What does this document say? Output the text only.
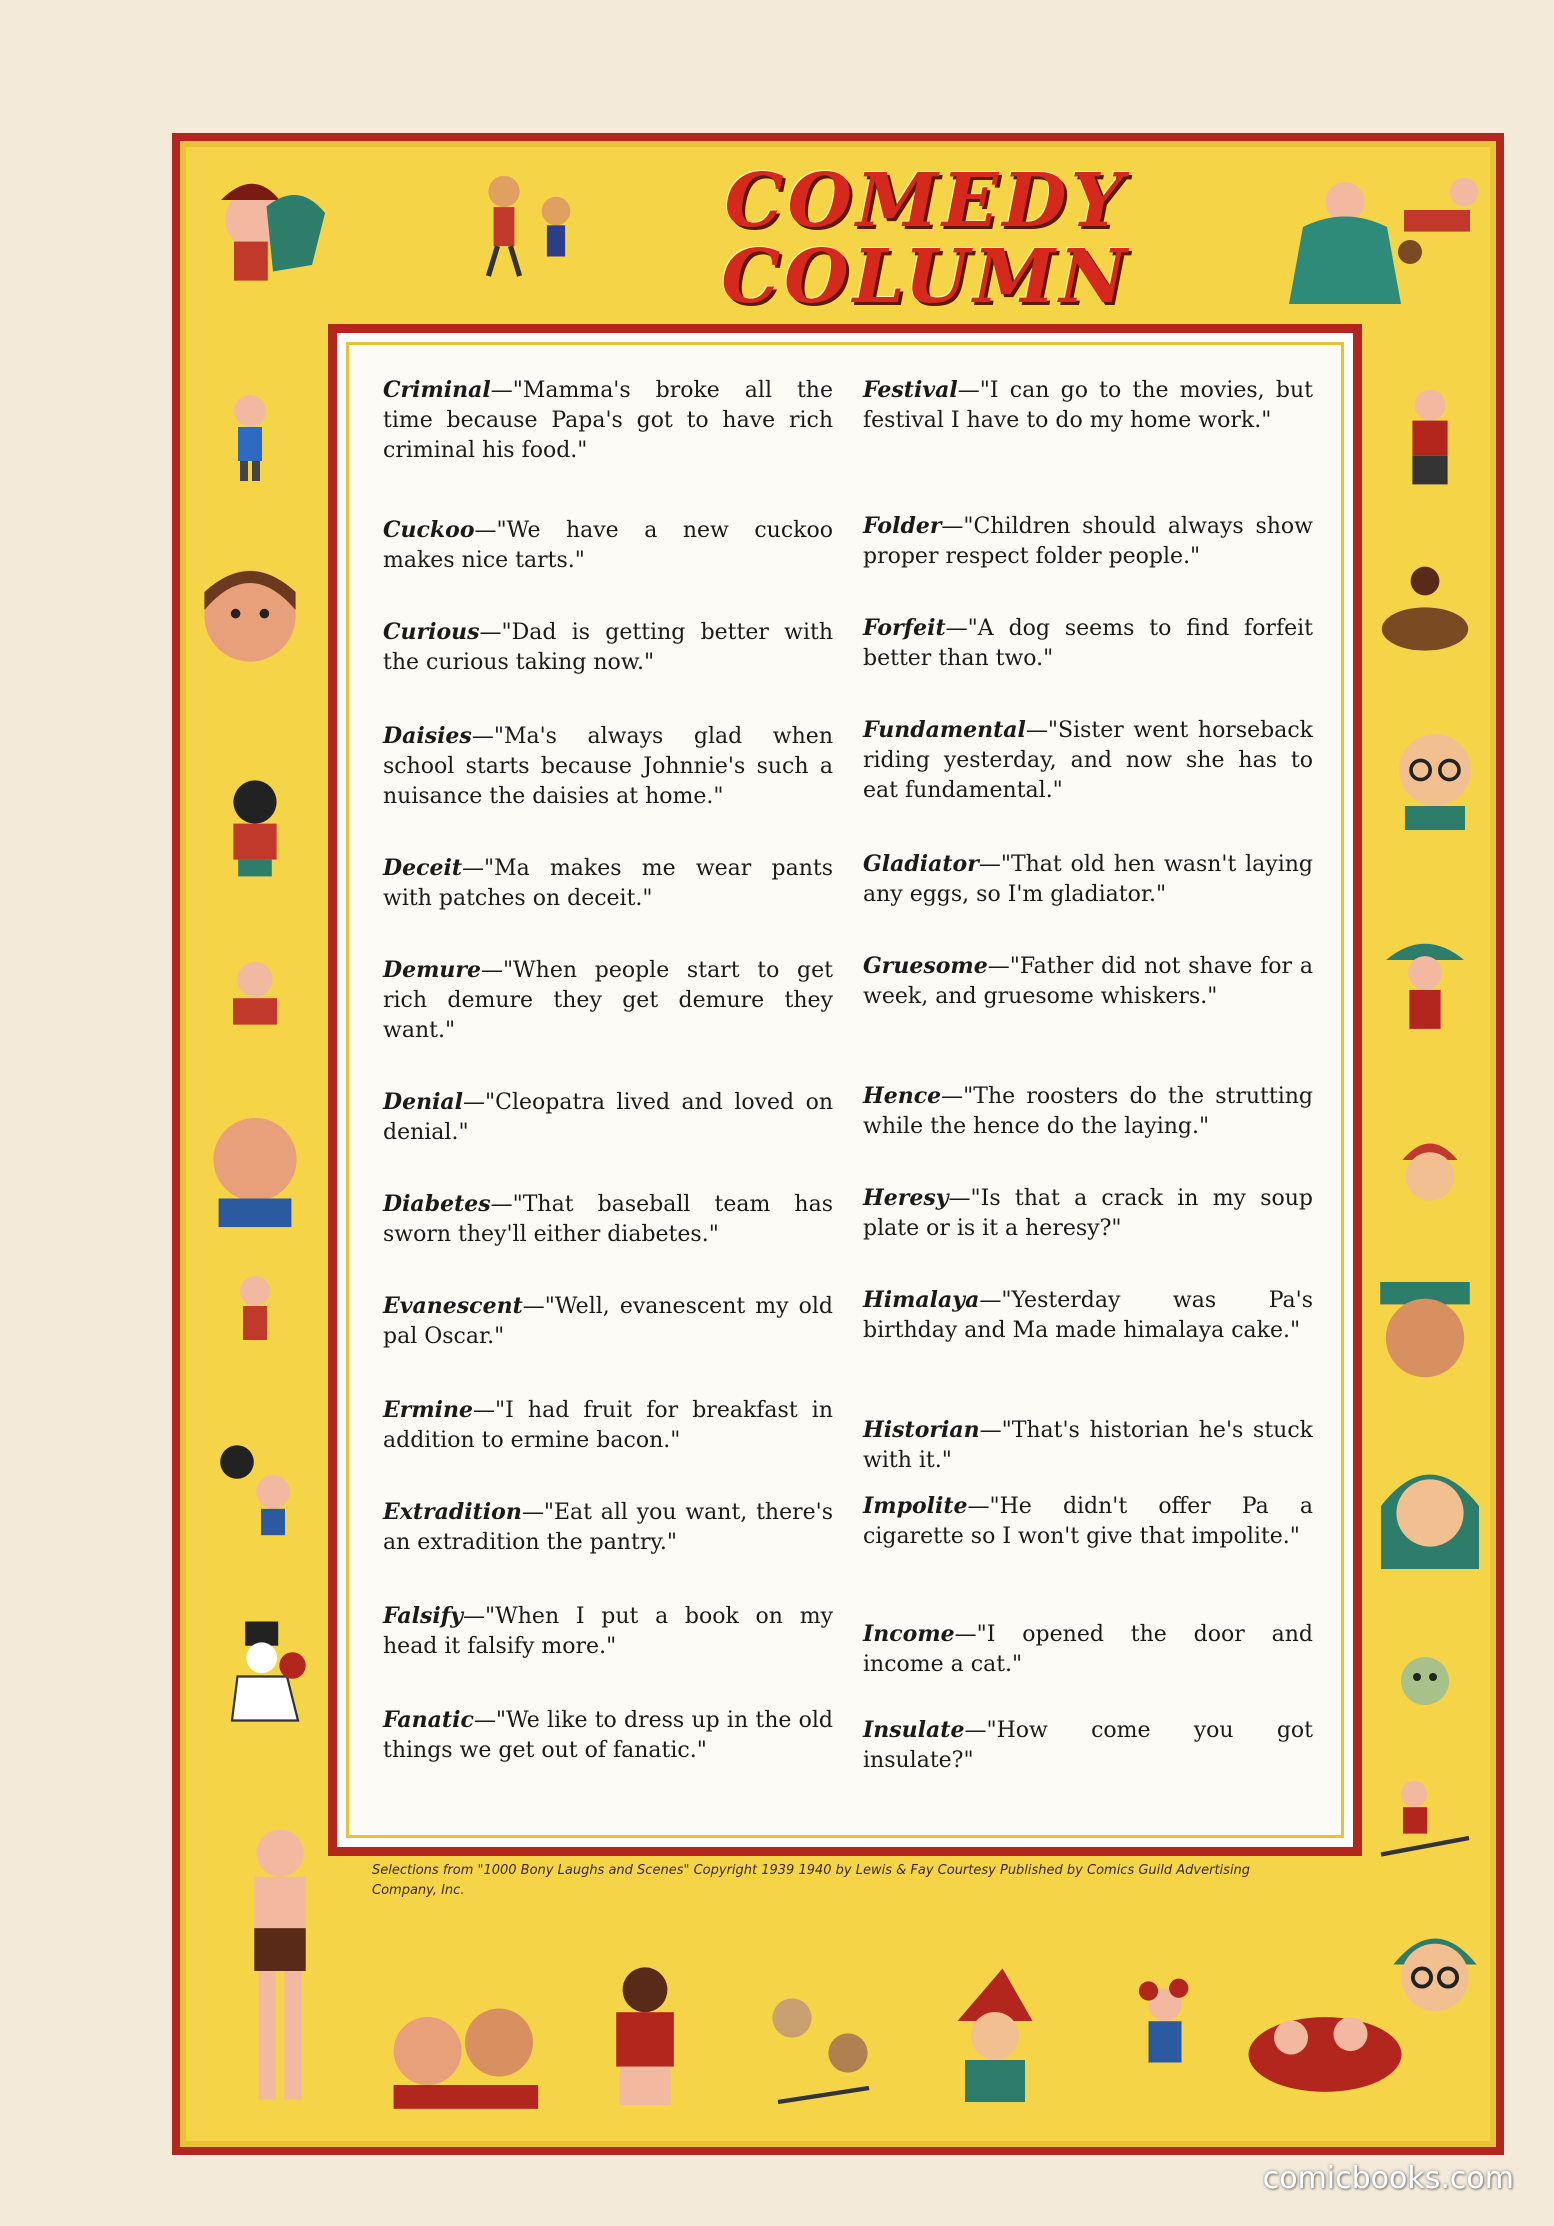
COMEDY
COLUMN
Criminal—"Mamma's broke all the time because Papa's got to have rich criminal his food."
Cuckoo—"We have a new cuckoo makes nice tarts."
Curious—"Dad is getting better with the curious taking now."
Daisies—"Ma's always glad when school starts because Johnnie's such a nuisance the daisies at home."
Deceit—"Ma makes me wear pants with patches on deceit."
Demure—"When people start to get rich demure they get demure they want."
Denial—"Cleopatra lived and loved on denial."
Diabetes—"That baseball team has sworn they'll either diabetes."
Evanescent—"Well, evanescent my old pal Oscar."
Ermine—"I had fruit for breakfast in addition to ermine bacon."
Extradition—"Eat all you want, there's an extradition the pantry."
Falsify—"When I put a book on my head it falsify more."
Fanatic—"We like to dress up in the old things we get out of fanatic."
Festival—"I can go to the movies, but festival I have to do my home work."
Folder—"Children should always show proper respect folder people."
Forfeit—"A dog seems to find forfeit better than two."
Fundamental—"Sister went horseback riding yesterday, and now she has to eat fundamental."
Gladiator—"That old hen wasn't laying any eggs, so I'm gladiator."
Gruesome—"Father did not shave for a week, and gruesome whiskers."
Hence—"The roosters do the strutting while the hence do the laying."
Heresy—"Is that a crack in my soup plate or is it a heresy?"
Himalaya—"Yesterday was Pa's birthday and Ma made himalaya cake."
Historian—"That's historian he's stuck with it."
Impolite—"He didn't offer Pa a cigarette so I won't give that impolite."
Income—"I opened the door and income a cat."
Insulate—"How come you got insulate?"
Selections from "1000 Bony Laughs and Scenes" Copyright 1939 1940 by Lewis & Fay Courtesy Published by Comics Guild Advertising Company, Inc.
comicbooks.com
